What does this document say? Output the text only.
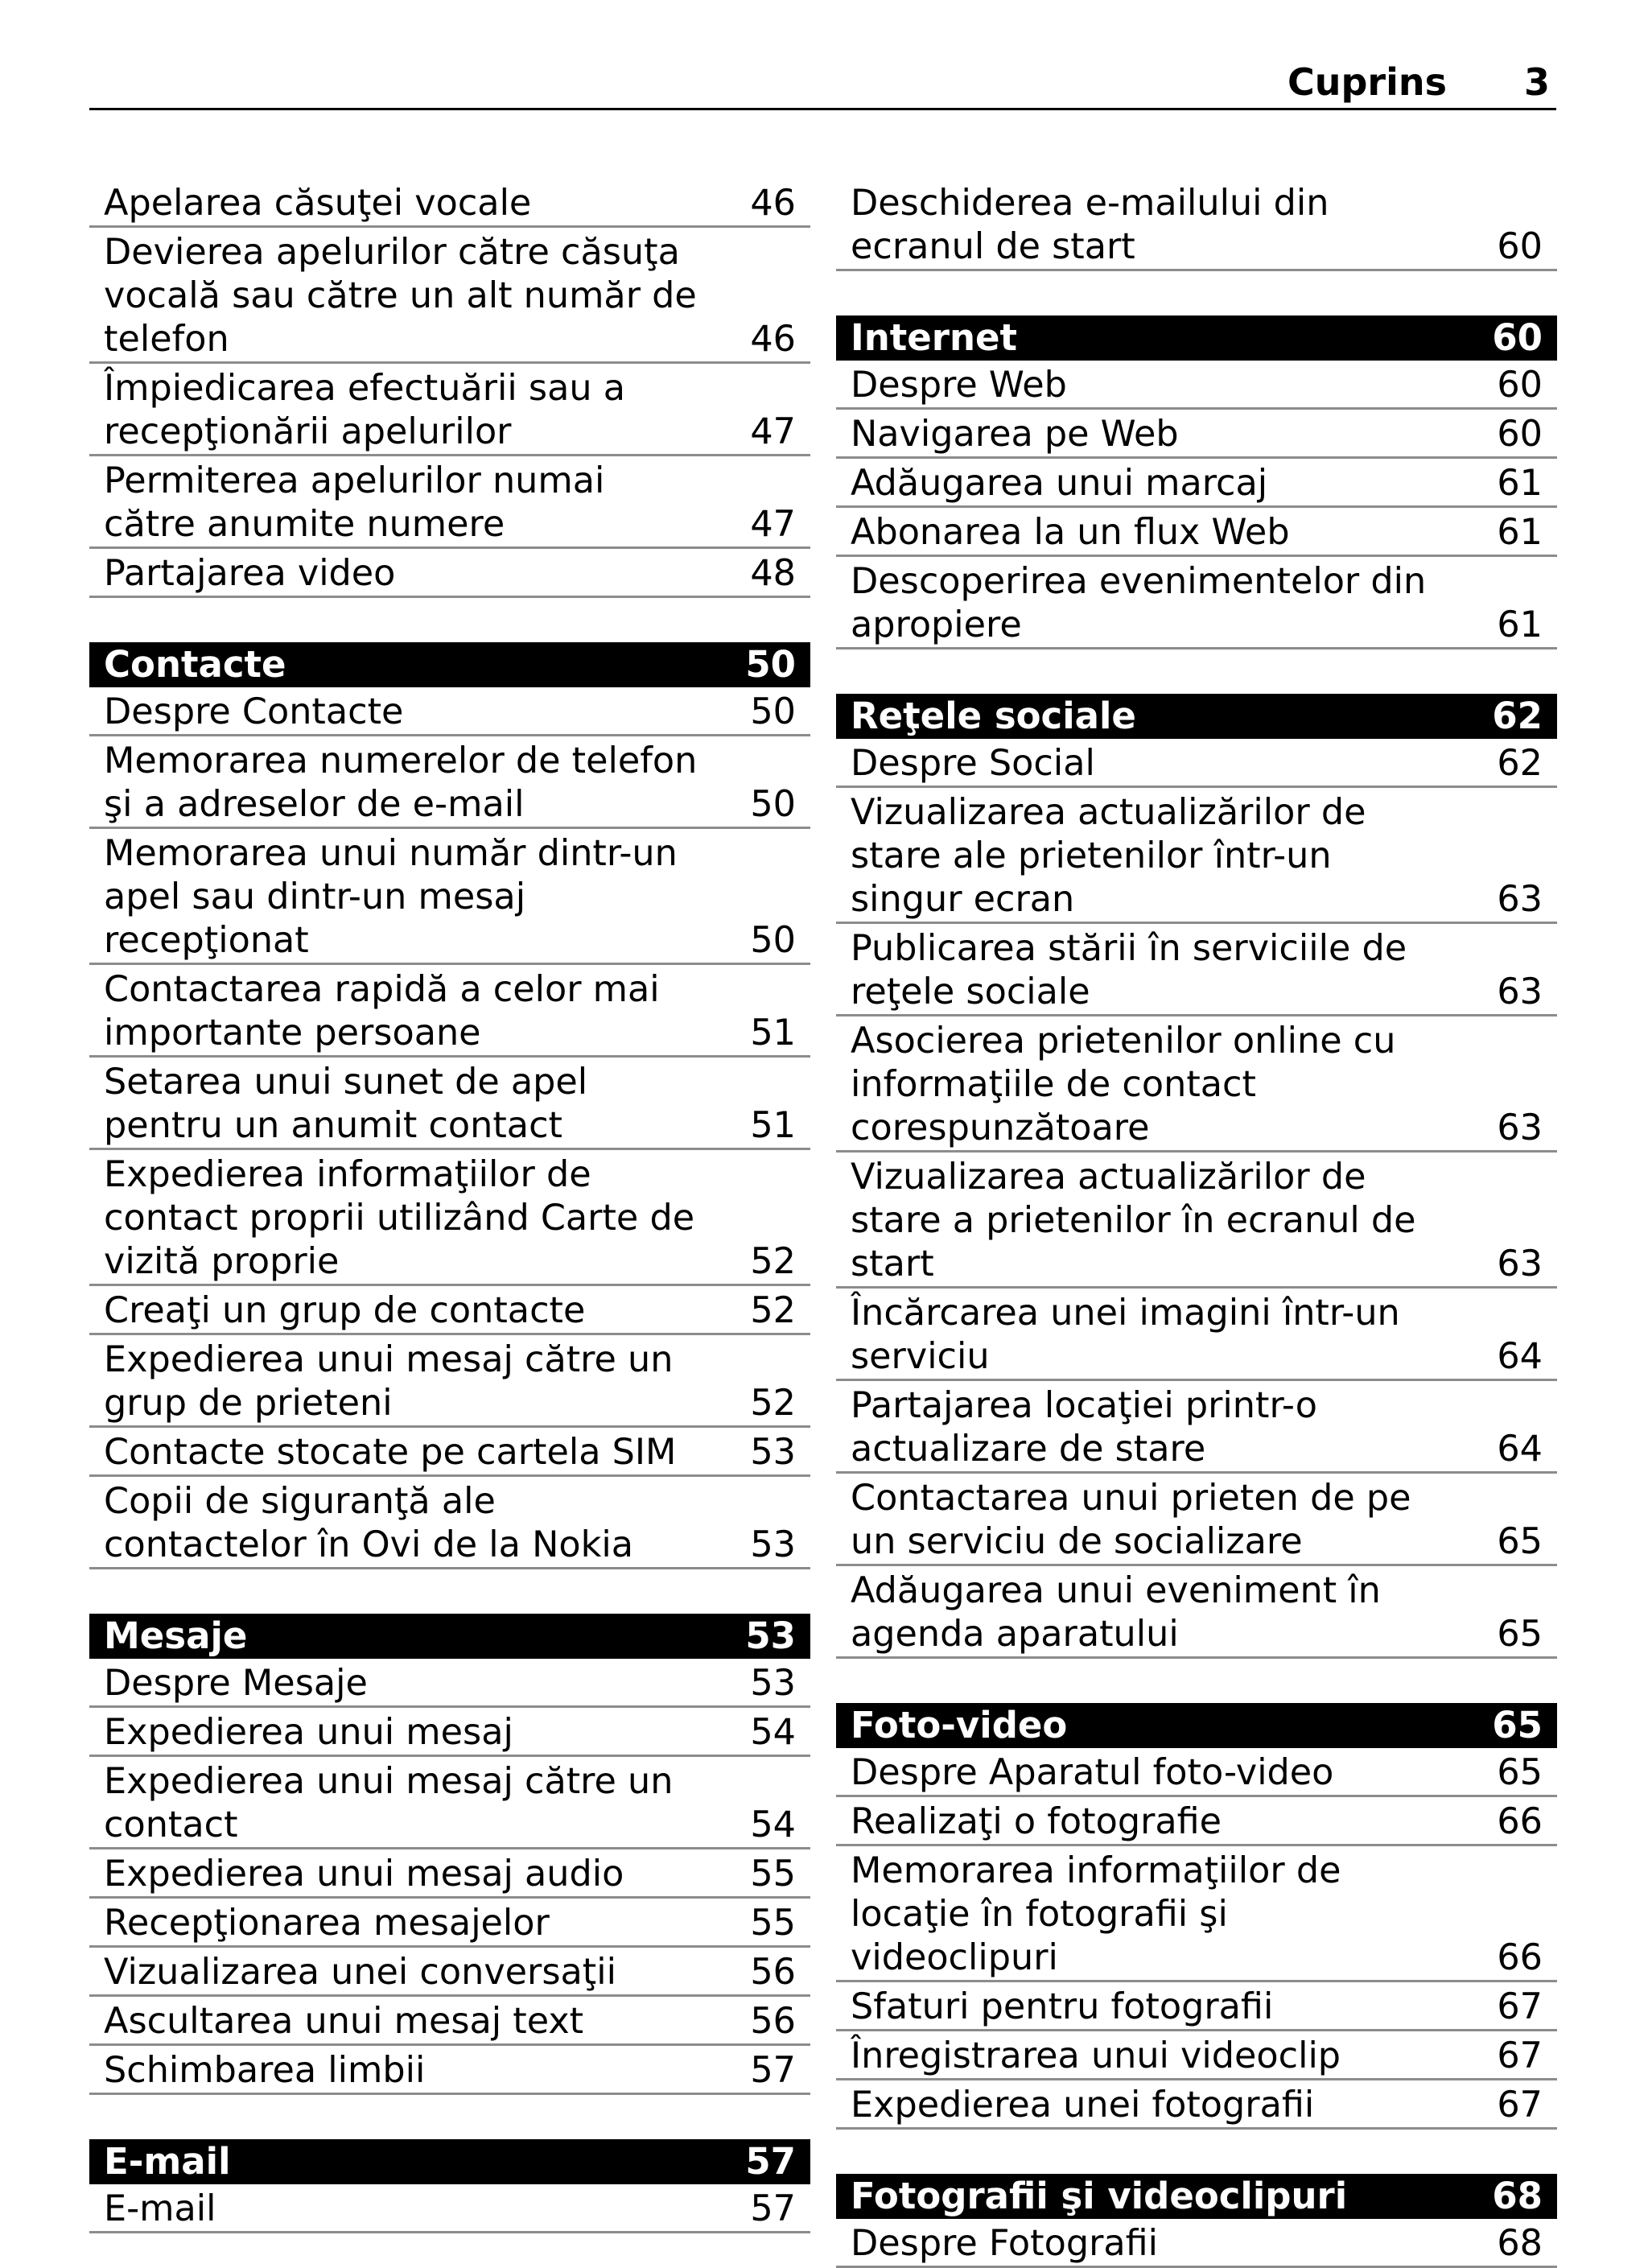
Cuprins 3
Apelarea căsuţei vocale	46
Devierea apelurilor către căsuţa vocală sau către un alt număr de telefon	46
Împiedicarea efectuării sau a recepţionării apelurilor	47
Permiterea apelurilor numai către anumite numere	47
Partajarea video	48
Contacte	50
Despre Contacte	50
Memorarea numerelor de telefon şi a adreselor de e-mail	50
Memorarea unui număr dintr-un apel sau dintr-un mesaj recepţionat	50
Contactarea rapidă a celor mai importante persoane	51
Setarea unui sunet de apel pentru un anumit contact	51
Expedierea informaţiilor de contact proprii utilizând Carte de vizită proprie	52
Creaţi un grup de contacte	52
Expedierea unui mesaj către un grup de prieteni	52
Contacte stocate pe cartela SIM	53
Copii de siguranţă ale contactelor în Ovi de la Nokia	53
Mesaje	53
Despre Mesaje	53
Expedierea unui mesaj	54
Expedierea unui mesaj către un contact	54
Expedierea unui mesaj audio	55
Recepţionarea mesajelor	55
Vizualizarea unei conversaţii	56
Ascultarea unui mesaj text	56
Schimbarea limbii	57
E-mail	57
E-mail	57
Deschiderea e-mailului din ecranul de start	60
Internet	60
Despre Web	60
Navigarea pe Web	60
Adăugarea unui marcaj	61
Abonarea la un flux Web	61
Descoperirea evenimentelor din apropiere	61
Reţele sociale	62
Despre Social	62
Vizualizarea actualizărilor de stare ale prietenilor într-un singur ecran	63
Publicarea stării în serviciile de reţele sociale	63
Asocierea prietenilor online cu informaţiile de contact corespunzătoare	63
Vizualizarea actualizărilor de stare a prietenilor în ecranul de start	63
Încărcarea unei imagini într-un serviciu	64
Partajarea locaţiei printr-o actualizare de stare	64
Contactarea unui prieten de pe un serviciu de socializare	65
Adăugarea unui eveniment în agenda aparatului	65
Foto-video	65
Despre Aparatul foto-video	65
Realizaţi o fotografie	66
Memorarea informaţiilor de locaţie în fotografii şi videoclipuri	66
Sfaturi pentru fotografii	67
Înregistrarea unui videoclip	67
Expedierea unei fotografii	67
Fotografii şi videoclipuri	68
Despre Fotografii	68
